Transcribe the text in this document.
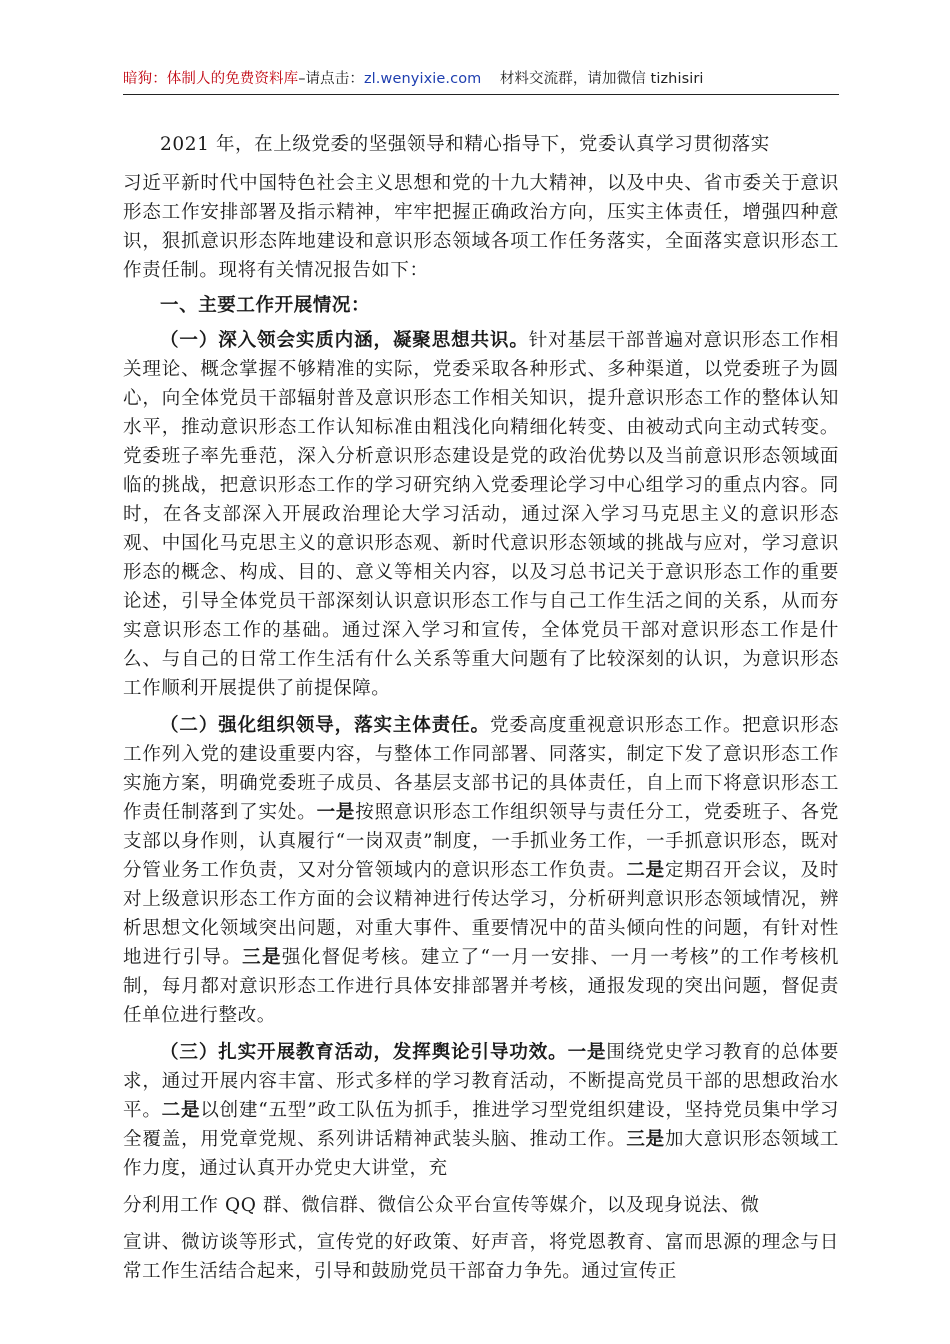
暗狗：体制人的免费资料库–请点击：zl.wenyixie.com 材料交流群，请加微信 tizhisiri

2021 年，在上级党委的坚强领导和精心指导下，党委认真学习贯彻落实

习近平新时代中国特色社会主义思想和党的十九大精神，以及中央、省市委关于意识形态工作安排部署及指示精神，牢牢把握正确政治方向，压实主体责任，增强四种意识，狠抓意识形态阵地建设和意识形态领域各项工作任务落实，全面落实意识形态工作责任制。现将有关情况报告如下：

一、主要工作开展情况：

（一）深入领会实质内涵，凝聚思想共识。针对基层干部普遍对意识形态工作相关理论、概念掌握不够精准的实际，党委采取各种形式、多种渠道，以党委班子为圆心，向全体党员干部辐射普及意识形态工作相关知识，提升意识形态工作的整体认知水平，推动意识形态工作认知标准由粗浅化向精细化转变、由被动式向主动式转变。党委班子率先垂范，深入分析意识形态建设是党的政治优势以及当前意识形态领域面临的挑战，把意识形态工作的学习研究纳入党委理论学习中心组学习的重点内容。同时，在各支部深入开展政治理论大学习活动，通过深入学习马克思主义的意识形态观、中国化马克思主义的意识形态观、新时代意识形态领域的挑战与应对，学习意识形态的概念、构成、目的、意义等相关内容，以及习总书记关于意识形态工作的重要论述，引导全体党员干部深刻认识意识形态工作与自己工作生活之间的关系，从而夯实意识形态工作的基础。通过深入学习和宣传，全体党员干部对意识形态工作是什么、与自己的日常工作生活有什么关系等重大问题有了比较深刻的认识，为意识形态工作顺利开展提供了前提保障。

（二）强化组织领导，落实主体责任。党委高度重视意识形态工作。把意识形态工作列入党的建设重要内容，与整体工作同部署、同落实，制定下发了意识形态工作实施方案，明确党委班子成员、各基层支部书记的具体责任，自上而下将意识形态工作责任制落到了实处。一是按照意识形态工作组织领导与责任分工，党委班子、各党支部以身作则，认真履行“一岗双责”制度，一手抓业务工作，一手抓意识形态，既对分管业务工作负责，又对分管领域内的意识形态工作负责。二是定期召开会议，及时对上级意识形态工作方面的会议精神进行传达学习，分析研判意识形态领域情况，辨析思想文化领域突出问题，对重大事件、重要情况中的苗头倾向性的问题，有针对性地进行引导。三是强化督促考核。建立了“一月一安排、一月一考核”的工作考核机制，每月都对意识形态工作进行具体安排部署并考核，通报发现的突出问题，督促责任单位进行整改。

（三）扎实开展教育活动，发挥舆论引导功效。一是围绕党史学习教育的总体要求，通过开展内容丰富、形式多样的学习教育活动，不断提高党员干部的思想政治水平。二是以创建“五型”政工队伍为抓手，推进学习型党组织建设，坚持党员集中学习全覆盖，用党章党规、系列讲话精神武装头脑、推动工作。三是加大意识形态领域工作力度，通过认真开办党史大讲堂，充

分利用工作 QQ 群、微信群、微信公众平台宣传等媒介，以及现身说法、微

宣讲、微访谈等形式，宣传党的好政策、好声音，将党恩教育、富而思源的理念与日常工作生活结合起来，引导和鼓励党员干部奋力争先。通过宣传正
